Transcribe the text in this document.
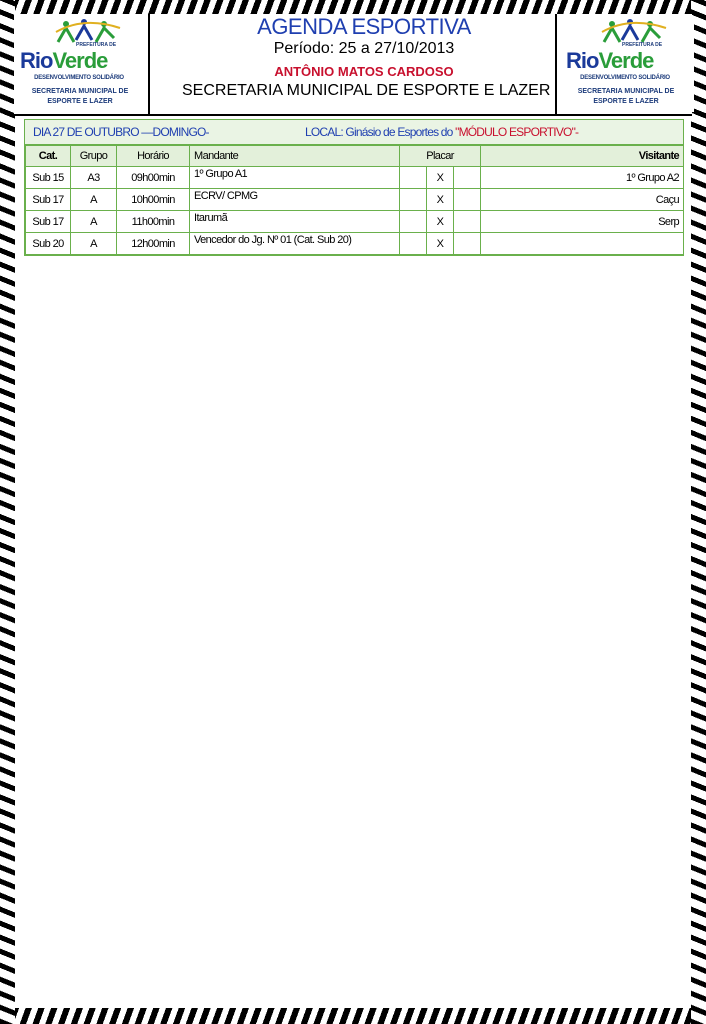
PREFEITURA DE
RioVerde
DESENVOLVIMENTO SOLIDÁRIO
SECRETARIA MUNICIPAL DE
ESPORTE E LAZER
AGENDA ESPORTIVA
Período: 25 a 27/10/2013
ANTÔNIO MATOS CARDOSO
SECRETARIA MUNICIPAL DE ESPORTE E LAZER
PREFEITURA DE
RioVerde
DESENVOLVIMENTO SOLIDÁRIO
SECRETARIA MUNICIPAL DE
ESPORTE E LAZER
DIA 27 DE OUTUBRO —DOMINGO-	LOCAL: Ginásio de Esportes do "MÓDULO ESPORTIVO"-
Cat.	Grupo	Horário	Mandante	Placar			Visitante
Sub 15	A3	09h00min	1º Grupo A1		X		1º Grupo A2
Sub 17	A	10h00min	ECRV/ CPMG		X		Caçu
Sub 17	A	11h00min	Itarumã		X		Serp
Sub 20	A	12h00min	Vencedor do Jg. Nº 01 (Cat. Sub 20)		X		
